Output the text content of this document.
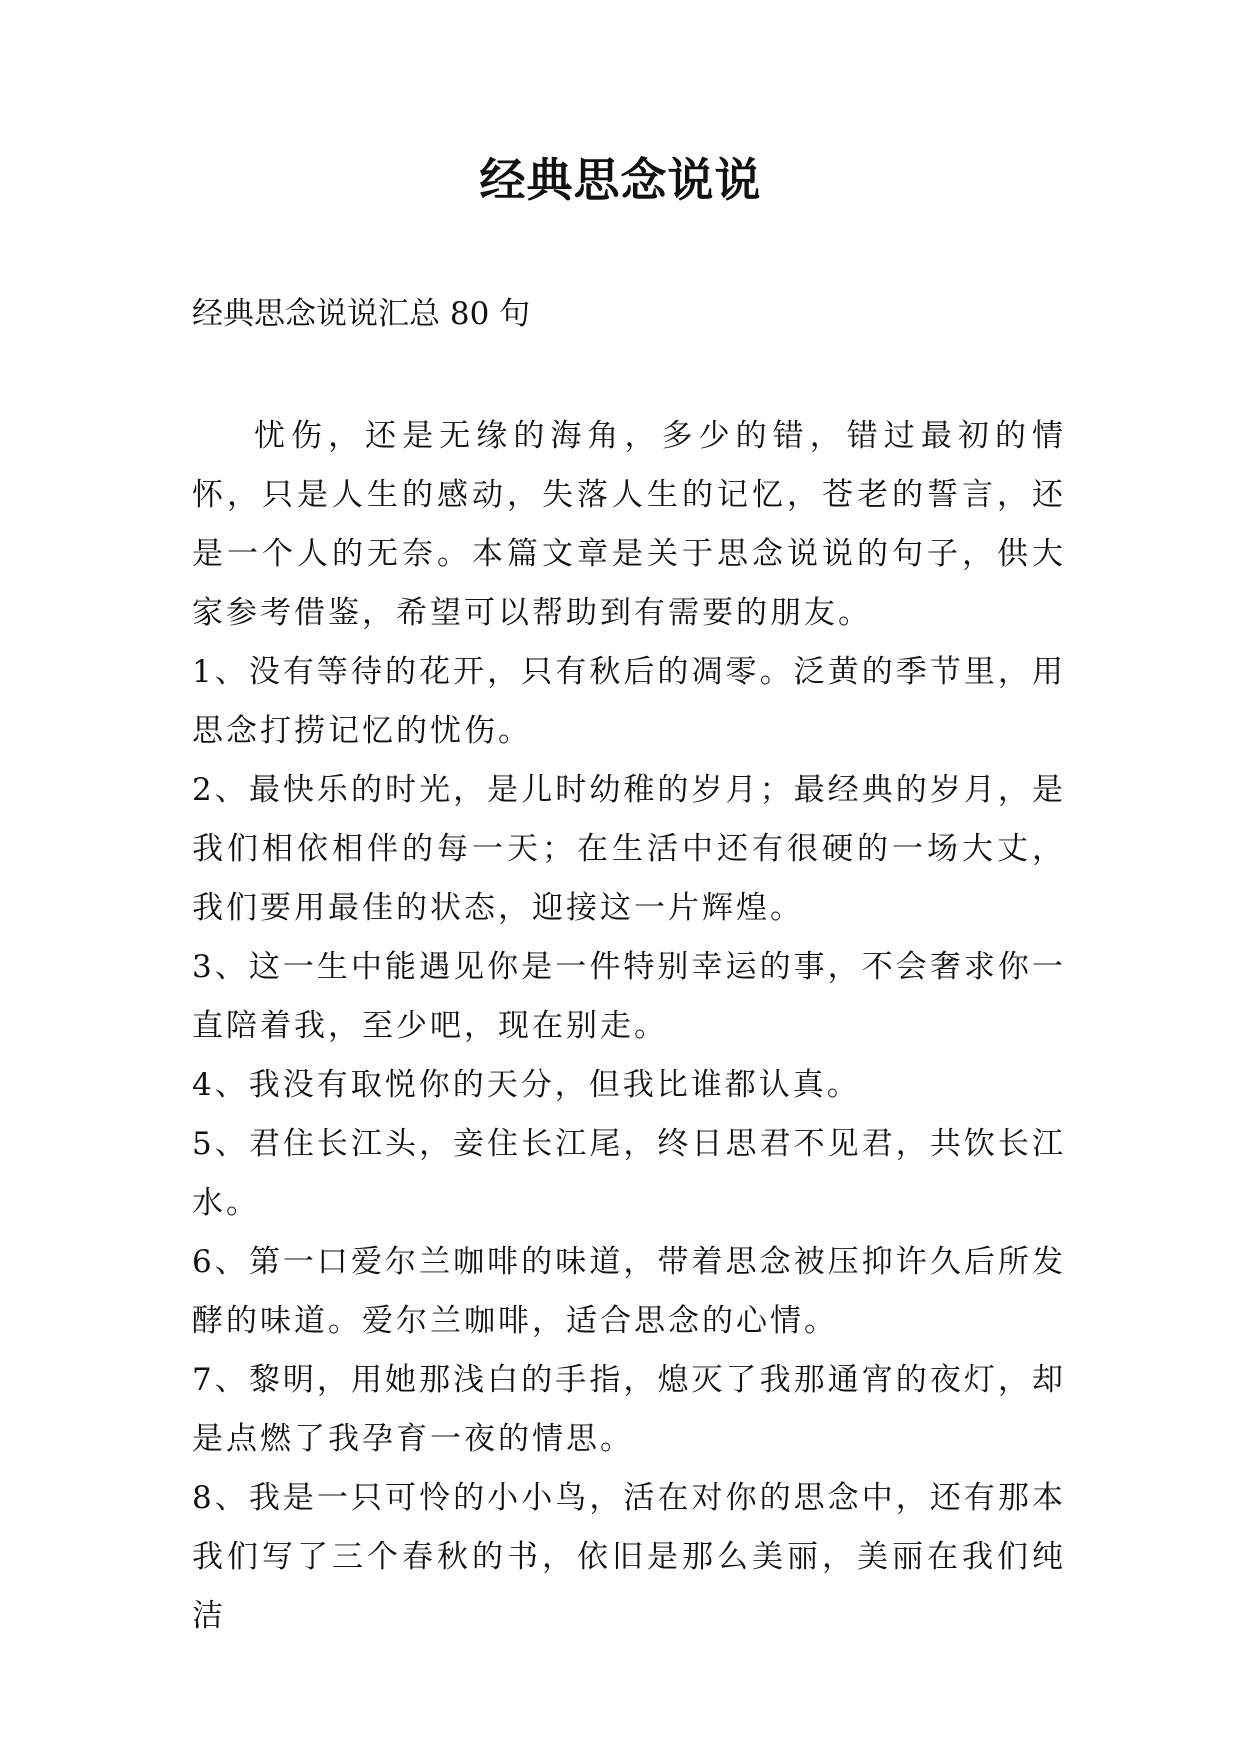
经典思念说说

经典思念说说汇总 80 句

忧伤，还是无缘的海角，多少的错，错过最初的情怀，只是人生的感动，失落人生的记忆，苍老的誓言，还是一个人的无奈。本篇文章是关于思念说说的句子，供大家参考借鉴，希望可以帮助到有需要的朋友。

1、没有等待的花开，只有秋后的凋零。泛黄的季节里，用思念打捞记忆的忧伤。

2、最快乐的时光，是儿时幼稚的岁月；最经典的岁月，是我们相依相伴的每一天；在生活中还有很硬的一场大丈，我们要用最佳的状态，迎接这一片辉煌。

3、这一生中能遇见你是一件特别幸运的事，不会奢求你一直陪着我，至少吧，现在别走。

4、我没有取悦你的天分，但我比谁都认真。

5、君住长江头，妾住长江尾，终日思君不见君，共饮长江水。

6、第一口爱尔兰咖啡的味道，带着思念被压抑许久后所发酵的味道。爱尔兰咖啡，适合思念的心情。

7、黎明，用她那浅白的手指，熄灭了我那通宵的夜灯，却是点燃了我孕育一夜的情思。

8、我是一只可怜的小小鸟，活在对你的思念中，还有那本我们写了三个春秋的书，依旧是那么美丽，美丽在我们纯洁
